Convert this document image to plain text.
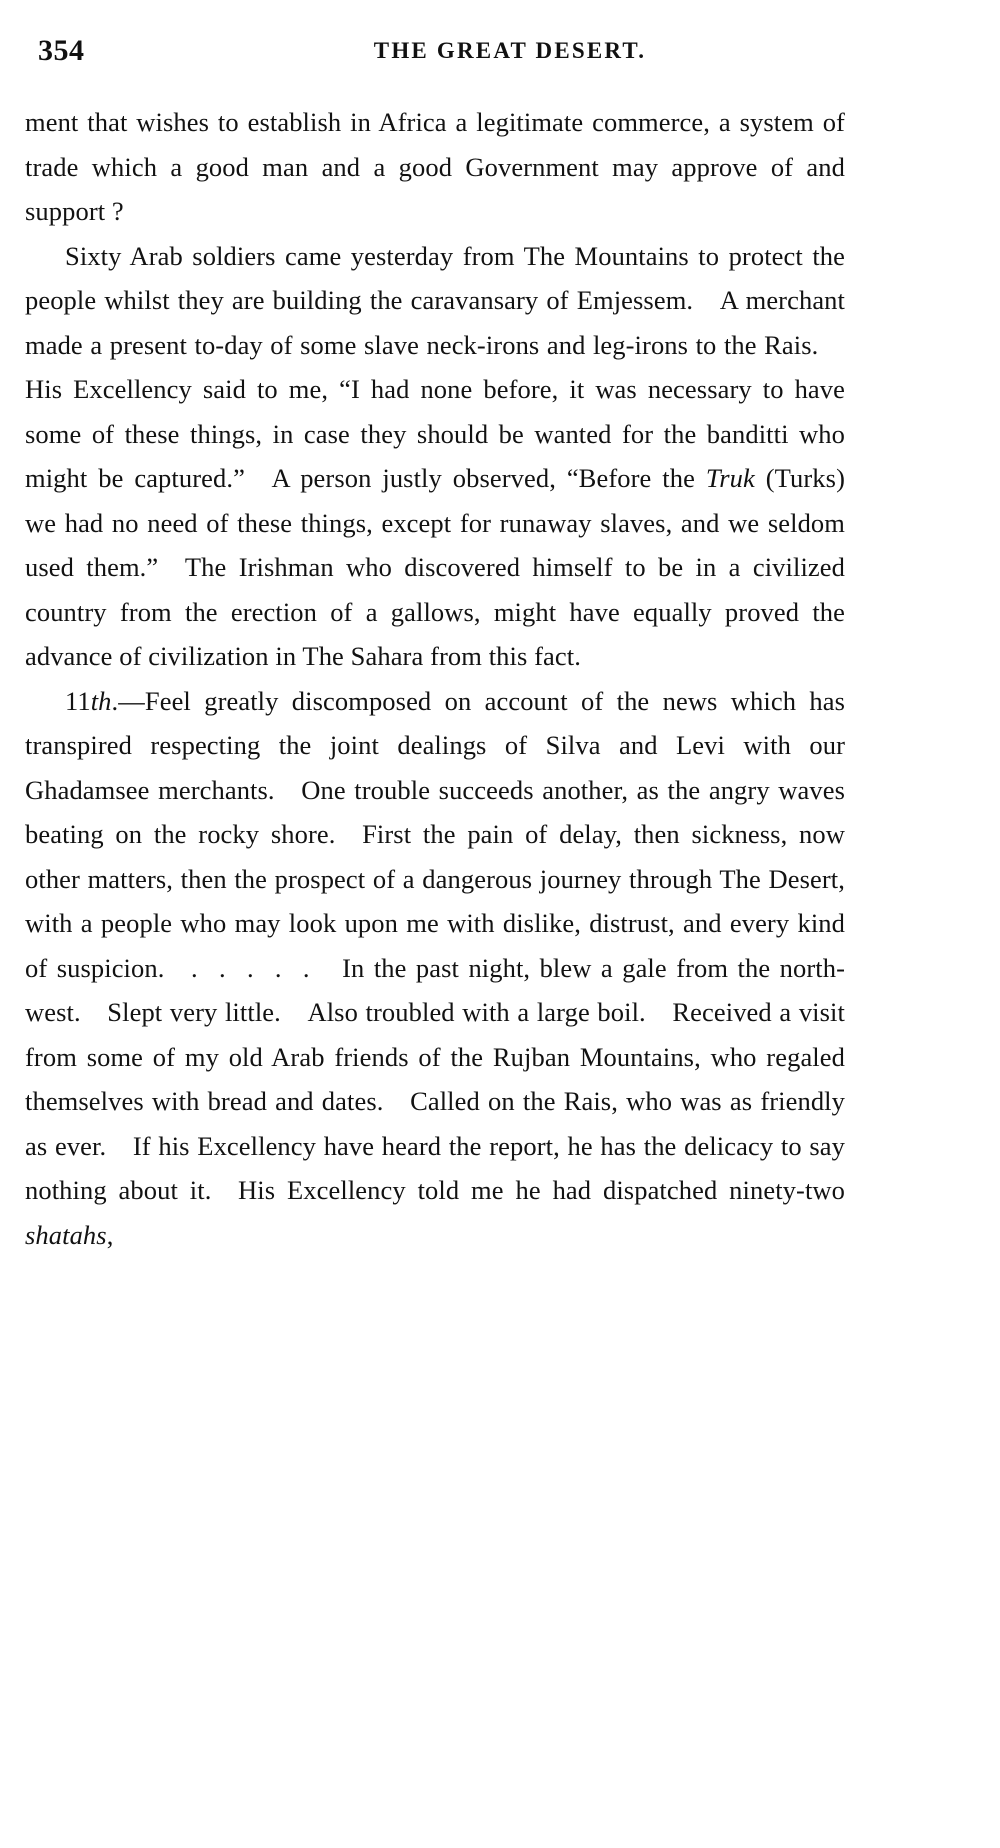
354	THE GREAT DESERT.

ment that wishes to establish in Africa a legitimate commerce, a system of trade which a good man and a good Government may approve of and support ?

Sixty Arab soldiers came yesterday from The Mountains to protect the people whilst they are building the caravansary of Emjessem. A merchant made a present to-day of some slave neck-irons and leg-irons to the Rais. His Excellency said to me, “I had none before, it was necessary to have some of these things, in case they should be wanted for the banditti who might be captured.” A person justly observed, “Before the Truk (Turks) we had no need of these things, except for runaway slaves, and we seldom used them.” The Irishman who discovered himself to be in a civilized country from the erection of a gallows, might have equally proved the advance of civilization in The Sahara from this fact.

11th.—Feel greatly discomposed on account of the news which has transpired respecting the joint dealings of Silva and Levi with our Ghadamsee merchants. One trouble succeeds another, as the angry waves beating on the rocky shore. First the pain of delay, then sickness, now other matters, then the prospect of a dangerous journey through The Desert, with a people who may look upon me with dislike, distrust, and every kind of suspicion. . . . . . In the past night, blew a gale from the north-west. Slept very little. Also troubled with a large boil. Received a visit from some of my old Arab friends of the Rujban Mountains, who regaled themselves with bread and dates. Called on the Rais, who was as friendly as ever. If his Excellency have heard the report, he has the delicacy to say nothing about it. His Excellency told me he had dispatched ninety-two shatahs,
